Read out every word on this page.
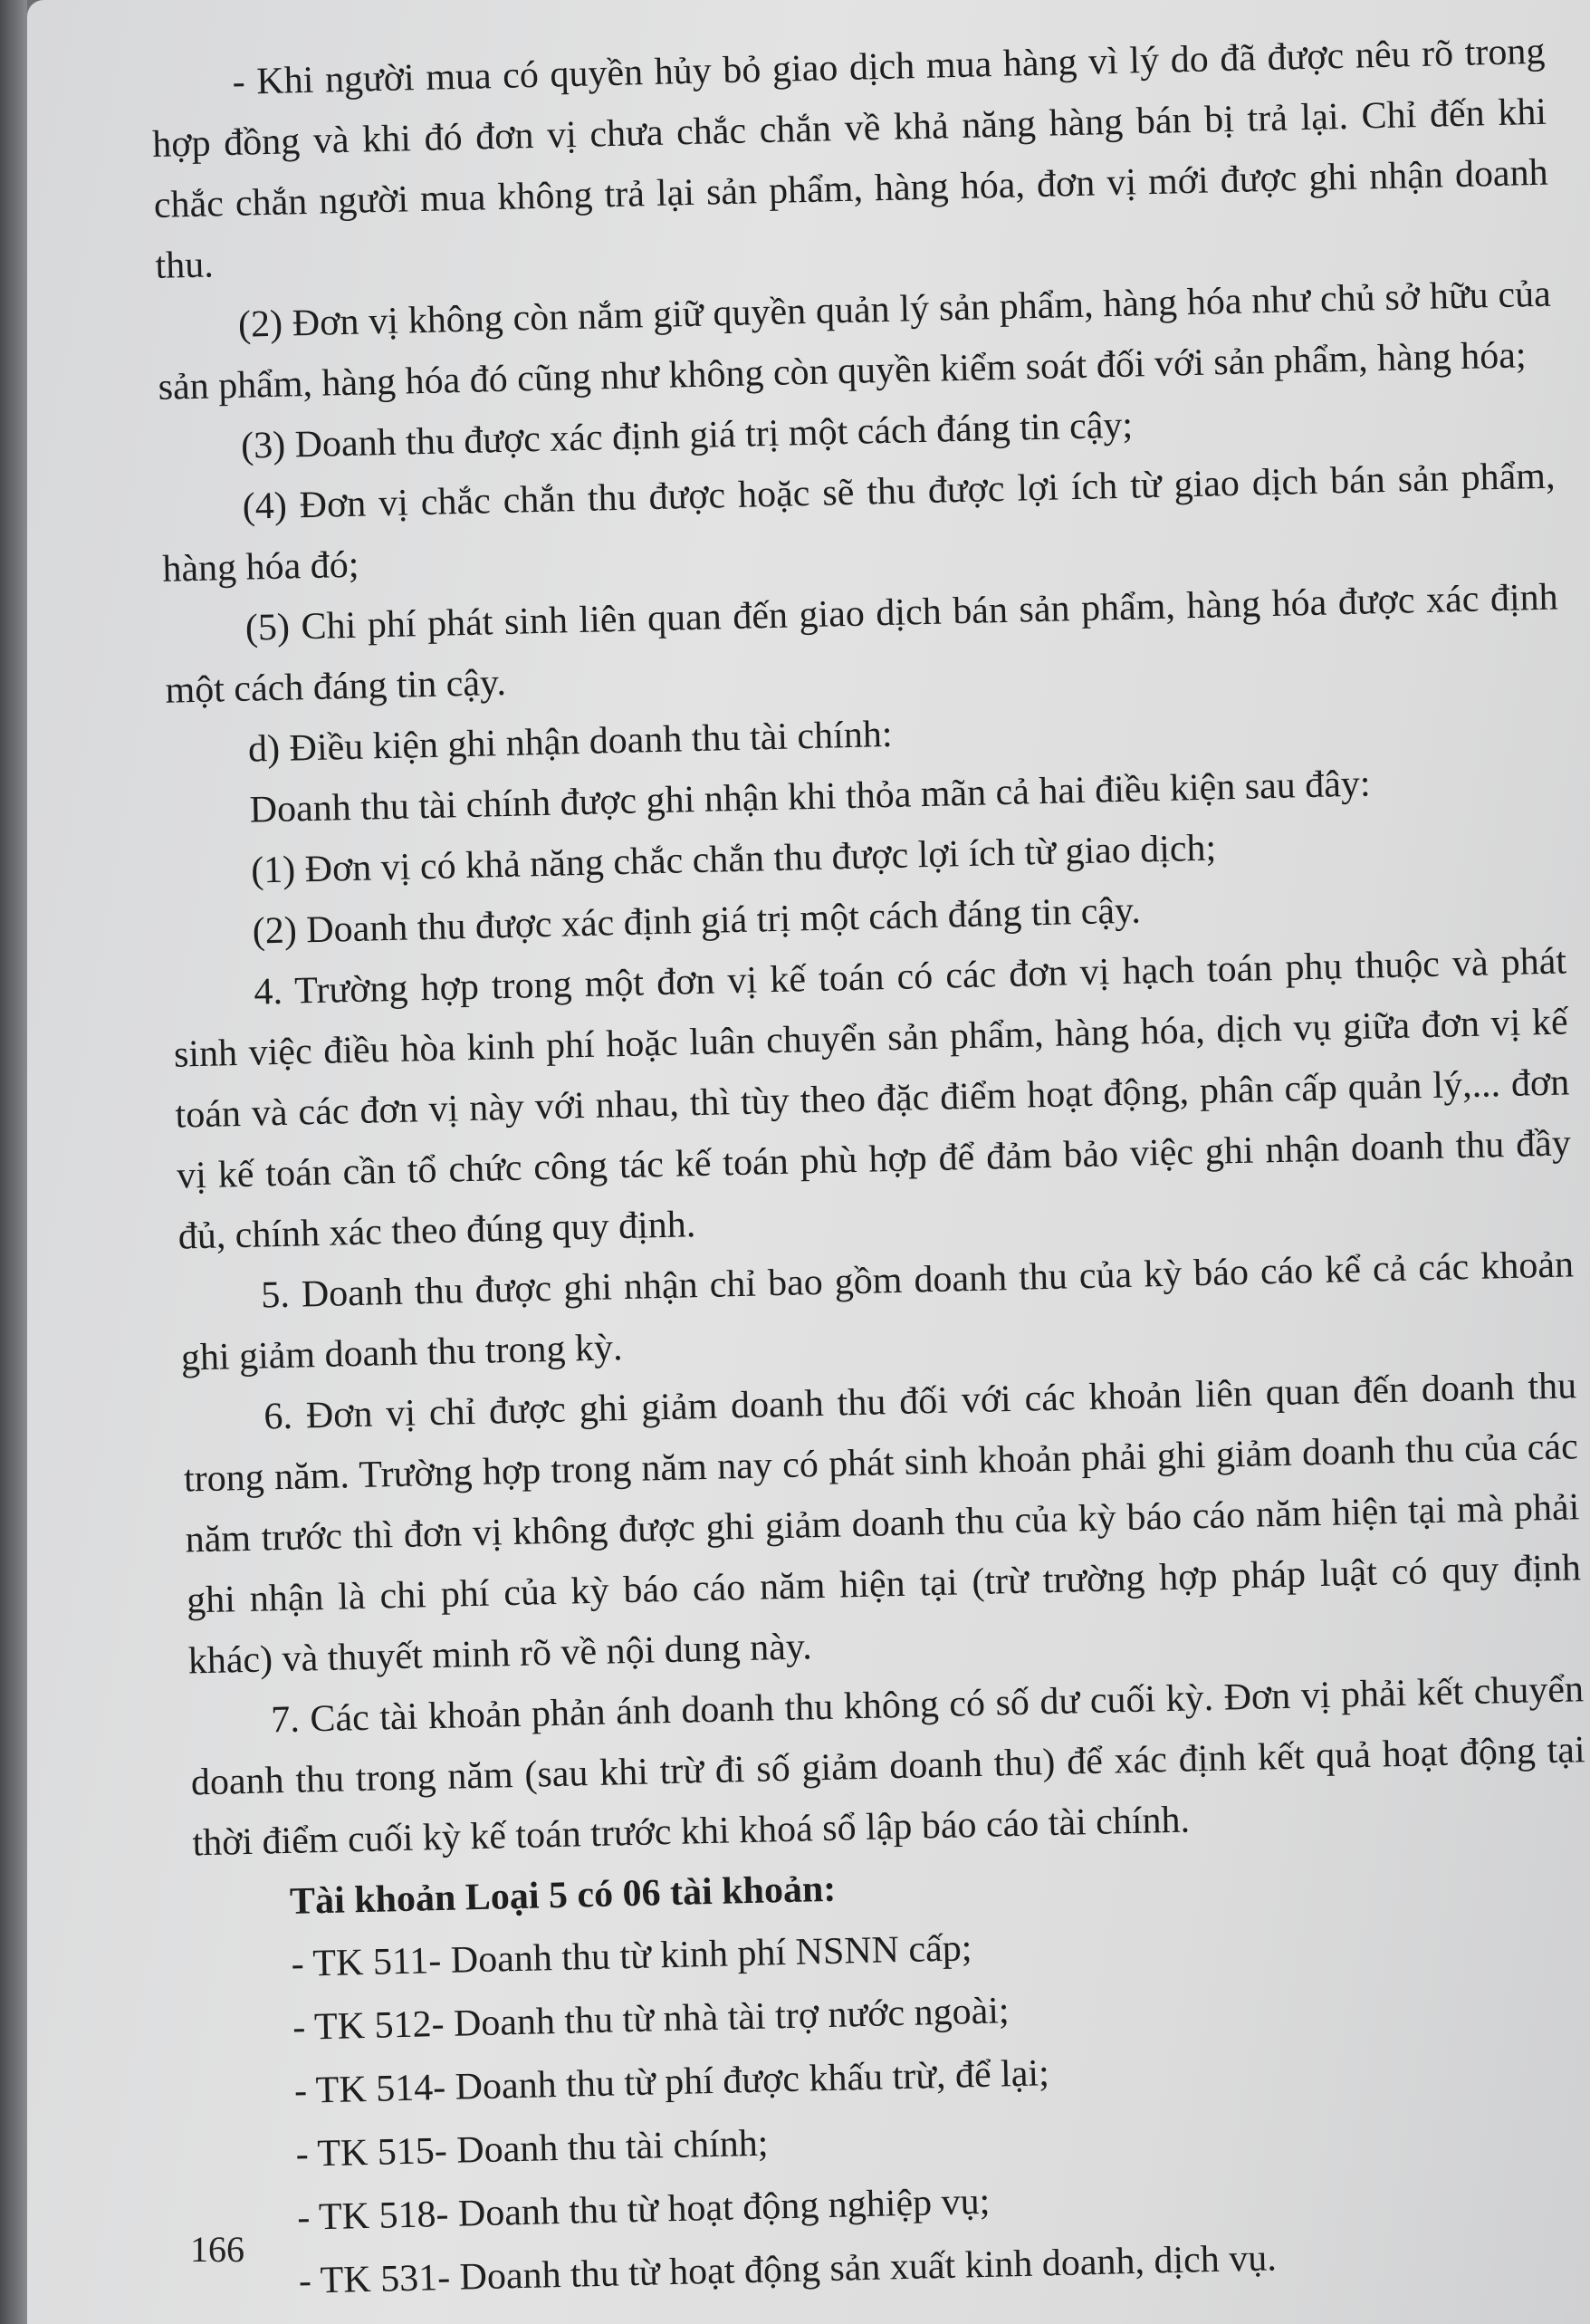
- Khi người mua có quyền hủy bỏ giao dịch mua hàng vì lý do đã được nêu rõ trong hợp đồng và khi đó đơn vị chưa chắc chắn về khả năng hàng bán bị trả lại. Chỉ đến khi chắc chắn người mua không trả lại sản phẩm, hàng hóa, đơn vị mới được ghi nhận doanh thu.

(2) Đơn vị không còn nắm giữ quyền quản lý sản phẩm, hàng hóa như chủ sở hữu của sản phẩm, hàng hóa đó cũng như không còn quyền kiểm soát đối với sản phẩm, hàng hóa;

(3) Doanh thu được xác định giá trị một cách đáng tin cậy;

(4) Đơn vị chắc chắn thu được hoặc sẽ thu được lợi ích từ giao dịch bán sản phẩm, hàng hóa đó;

(5) Chi phí phát sinh liên quan đến giao dịch bán sản phẩm, hàng hóa được xác định một cách đáng tin cậy.

d) Điều kiện ghi nhận doanh thu tài chính:

Doanh thu tài chính được ghi nhận khi thỏa mãn cả hai điều kiện sau đây:

(1) Đơn vị có khả năng chắc chắn thu được lợi ích từ giao dịch;

(2) Doanh thu được xác định giá trị một cách đáng tin cậy.

4. Trường hợp trong một đơn vị kế toán có các đơn vị hạch toán phụ thuộc và phát sinh việc điều hòa kinh phí hoặc luân chuyển sản phẩm, hàng hóa, dịch vụ giữa đơn vị kế toán và các đơn vị này với nhau, thì tùy theo đặc điểm hoạt động, phân cấp quản lý,... đơn vị kế toán cần tổ chức công tác kế toán phù hợp để đảm bảo việc ghi nhận doanh thu đầy đủ, chính xác theo đúng quy định.

5. Doanh thu được ghi nhận chỉ bao gồm doanh thu của kỳ báo cáo kể cả các khoản ghi giảm doanh thu trong kỳ.

6. Đơn vị chỉ được ghi giảm doanh thu đối với các khoản liên quan đến doanh thu trong năm. Trường hợp trong năm nay có phát sinh khoản phải ghi giảm doanh thu của các năm trước thì đơn vị không được ghi giảm doanh thu của kỳ báo cáo năm hiện tại mà phải ghi nhận là chi phí của kỳ báo cáo năm hiện tại (trừ trường hợp pháp luật có quy định khác) và thuyết minh rõ về nội dung này.

7. Các tài khoản phản ánh doanh thu không có số dư cuối kỳ. Đơn vị phải kết chuyển doanh thu trong năm (sau khi trừ đi số giảm doanh thu) để xác định kết quả hoạt động tại thời điểm cuối kỳ kế toán trước khi khoá sổ lập báo cáo tài chính.

Tài khoản Loại 5 có 06 tài khoản:

- TK 511- Doanh thu từ kinh phí NSNN cấp;
- TK 512- Doanh thu từ nhà tài trợ nước ngoài;
- TK 514- Doanh thu từ phí được khấu trừ, để lại;
- TK 515- Doanh thu tài chính;
- TK 518- Doanh thu từ hoạt động nghiệp vụ;
- TK 531- Doanh thu từ hoạt động sản xuất kinh doanh, dịch vụ.
166
